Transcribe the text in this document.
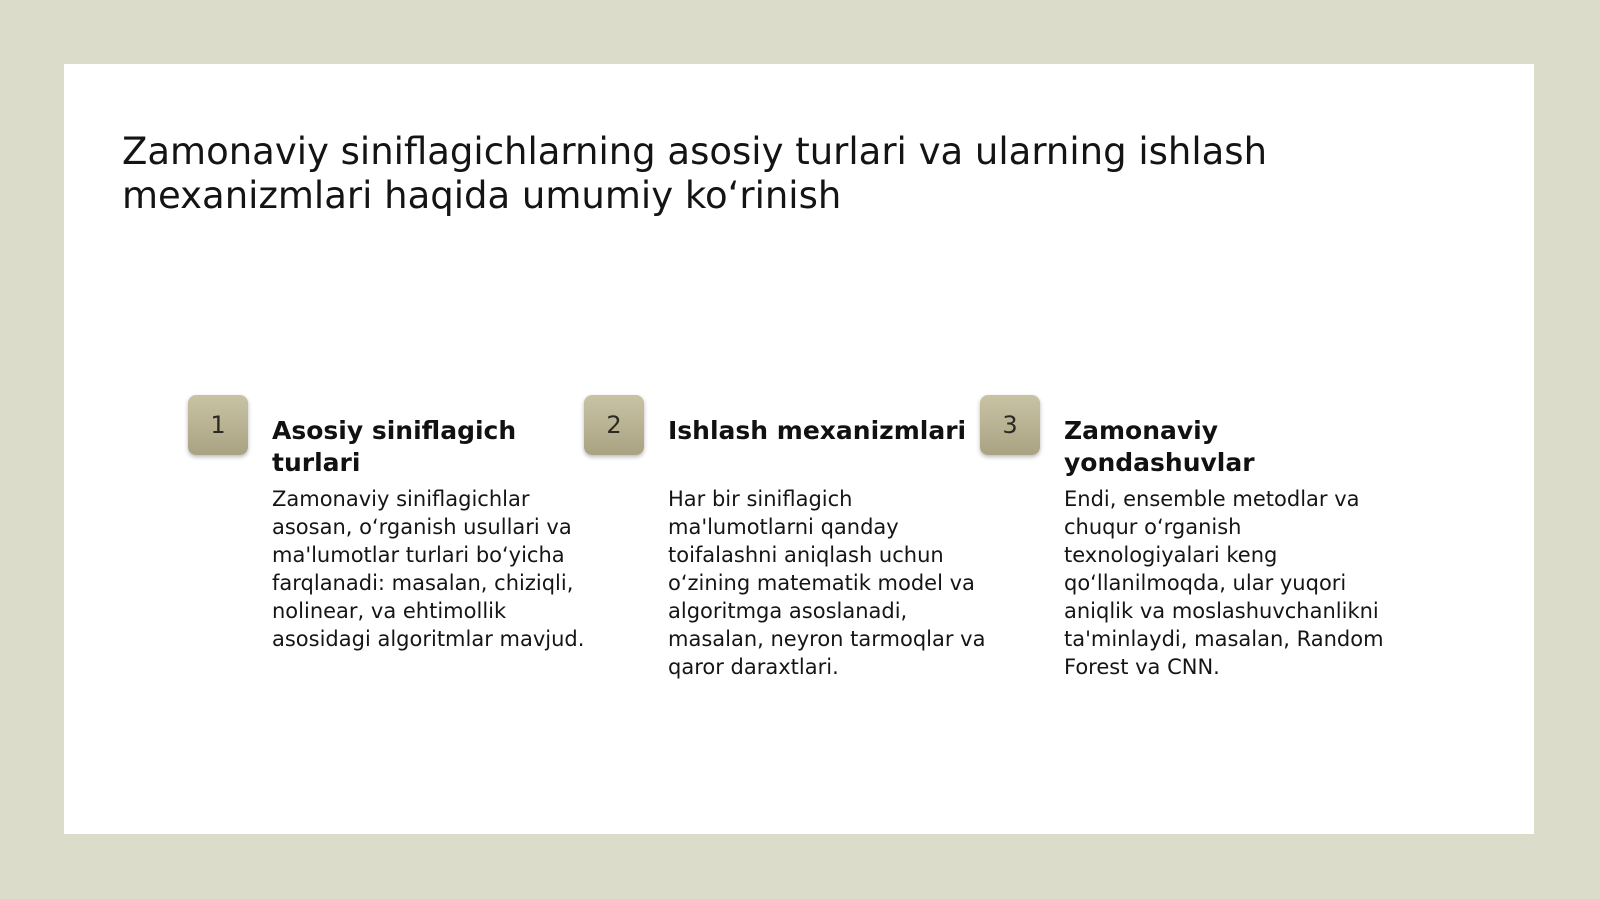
Zamonaviy siniflagichlarning asosiy turlari va ularning ishlash mexanizmlari haqida umumiy ko‘rinish
1	Asosiy siniflagich turlari

Zamonaviy siniflagichlar asosan, o‘rganish usullari va ma'lumotlar turlari bo‘yicha farqlanadi: masalan, chiziqli, nolinear, va ehtimollik asosidagi algoritmlar mavjud.

2	Ishlash mexanizmlari

Har bir siniflagich ma'lumotlarni qanday toifalashni aniqlash uchun o‘zining matematik model va algoritmga asoslanadi, masalan, neyron tarmoqlar va qaror daraxtlari.

3	Zamonaviy yondashuvlar

Endi, ensemble metodlar va chuqur o‘rganish texnologiyalari keng qo‘llanilmoqda, ular yuqori aniqlik va moslashuvchanlikni ta'minlaydi, masalan, Random Forest va CNN.
